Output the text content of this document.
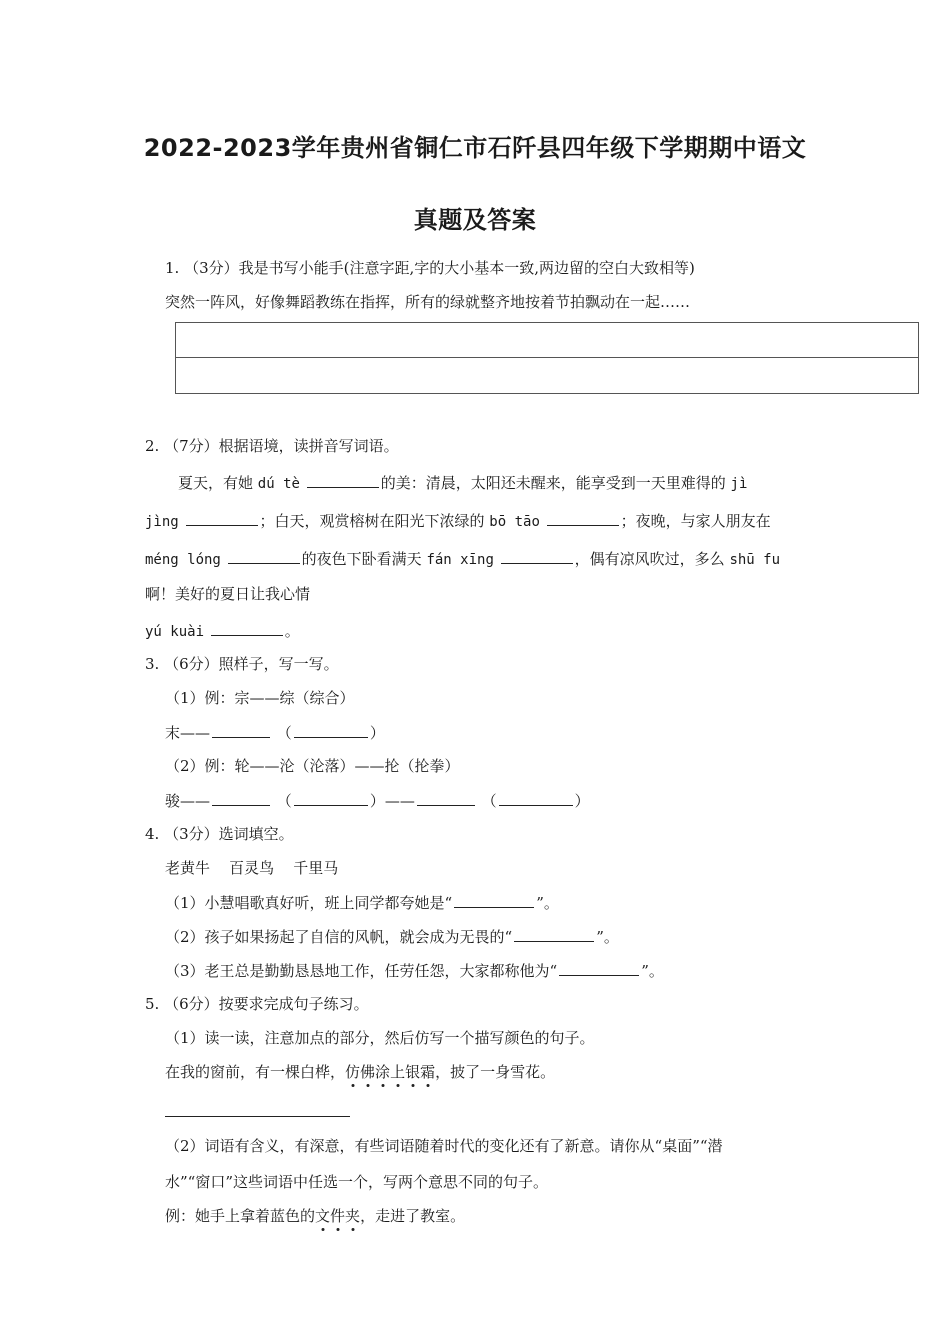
2022-2023学年贵州省铜仁市石阡县四年级下学期期中语文
真题及答案
1. （3分）我是书写小能手(注意字距,字的大小基本一致,两边留的空白大致相等)
突然一阵风，好像舞蹈教练在指挥，所有的绿就整齐地按着节拍飘动在一起……
2. （7分）根据语境，读拼音写词语。
夏天，有她 dú tè	的美：清晨，太阳还未醒来，能享受到一天里难得的 jì
jìng	；白天，观赏榕树在阳光下浓绿的 bō tāo	；夜晚，与家人朋友在
méng lóng	的夜色下卧看满天 fán xīng	，偶有凉风吹过，多么 shū fu
啊！美好的夏日让我心情
yú kuài	。
3. （6分）照样子，写一写。
（1）例：宗——综（综合）
末——	（	）
（2）例：轮——沦（沦落）——抡（抡拳）
骏——	（	）——	（	）
4. （3分）选词填空。
老黄牛 百灵鸟 千里马
（1）小慧唱歌真好听，班上同学都夸她是“	”。
（2）孩子如果扬起了自信的风帆，就会成为无畏的“	”。
（3）老王总是勤勤恳恳地工作，任劳任怨，大家都称他为“	”。
5. （6分）按要求完成句子练习。
（1）读一读，注意加点的部分，然后仿写一个描写颜色的句子。
在我的窗前，有一棵白桦，仿佛涂上银霜，披了一身雪花。
（2）词语有含义，有深意，有些词语随着时代的变化还有了新意。请你从“桌面”“潜
水”“窗口”这些词语中任选一个，写两个意思不同的句子。
例：她手上拿着蓝色的文件夹，走进了教室。
